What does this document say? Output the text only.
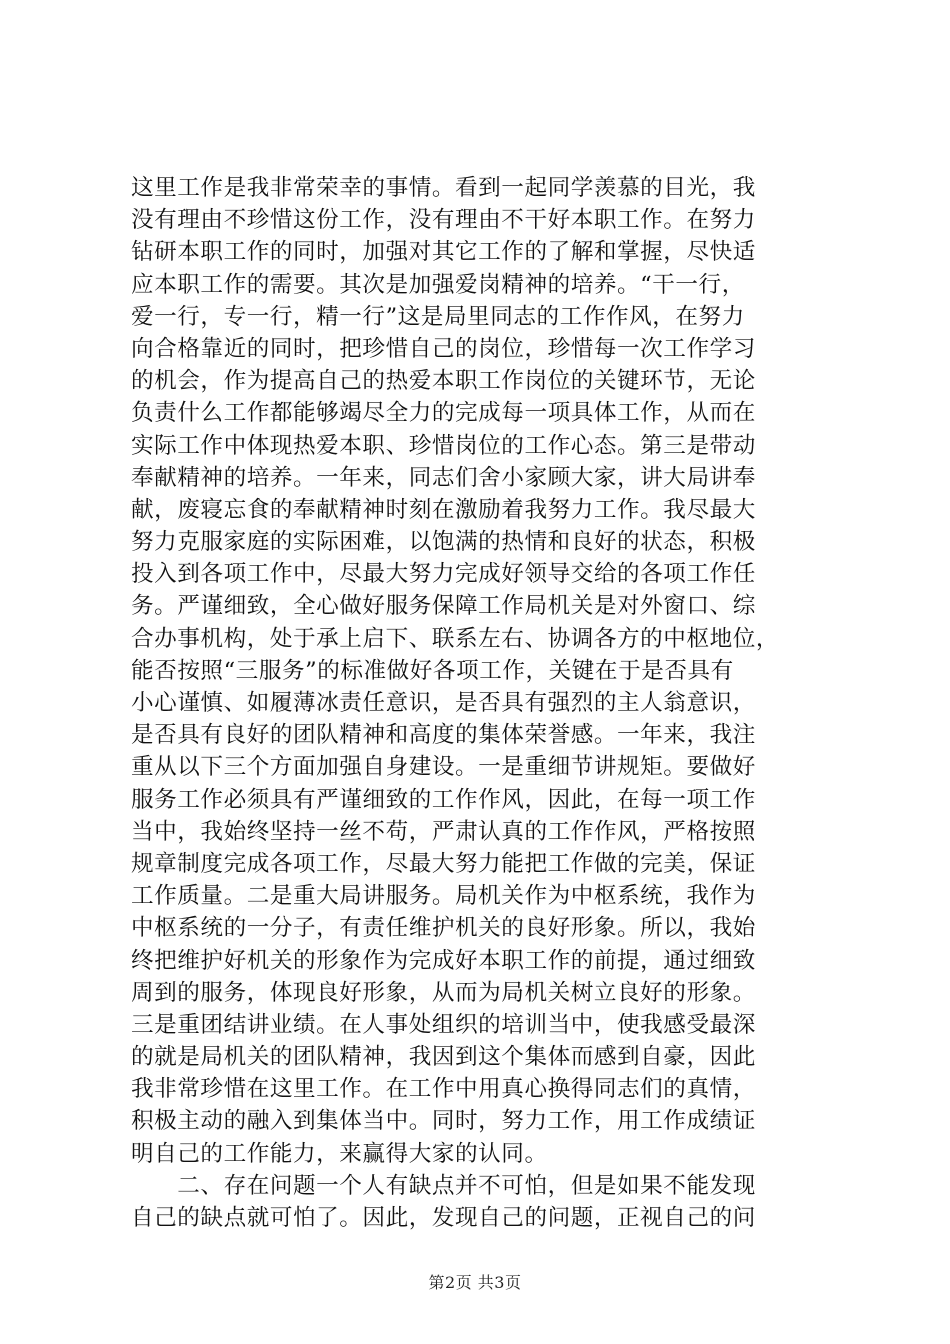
这里工作是我非常荣幸的事情。看到一起同学羡慕的目光，我
没有理由不珍惜这份工作，没有理由不干好本职工作。在努力
钻研本职工作的同时，加强对其它工作的了解和掌握，尽快适
应本职工作的需要。其次是加强爱岗精神的培养。“干一行，
爱一行，专一行，精一行”这是局里同志的工作作风，在努力
向合格靠近的同时，把珍惜自己的岗位，珍惜每一次工作学习
的机会，作为提高自己的热爱本职工作岗位的关键环节，无论
负责什么工作都能够竭尽全力的完成每一项具体工作，从而在
实际工作中体现热爱本职、珍惜岗位的工作心态。第三是带动
奉献精神的培养。一年来，同志们舍小家顾大家，讲大局讲奉
献，废寝忘食的奉献精神时刻在激励着我努力工作。我尽最大
努力克服家庭的实际困难，以饱满的热情和良好的状态，积极
投入到各项工作中，尽最大努力完成好领导交给的各项工作任
务。严谨细致，全心做好服务保障工作局机关是对外窗口、综
合办事机构，处于承上启下、联系左右、协调各方的中枢地位，
能否按照“三服务”的标准做好各项工作，关键在于是否具有
小心谨慎、如履薄冰责任意识，是否具有强烈的主人翁意识，
是否具有良好的团队精神和高度的集体荣誉感。一年来，我注
重从以下三个方面加强自身建设。一是重细节讲规矩。要做好
服务工作必须具有严谨细致的工作作风，因此，在每一项工作
当中，我始终坚持一丝不苟，严肃认真的工作作风，严格按照
规章制度完成各项工作，尽最大努力能把工作做的完美，保证
工作质量。二是重大局讲服务。局机关作为中枢系统，我作为
中枢系统的一分子，有责任维护机关的良好形象。所以，我始
终把维护好机关的形象作为完成好本职工作的前提，通过细致
周到的服务，体现良好形象，从而为局机关树立良好的形象。
三是重团结讲业绩。在人事处组织的培训当中，使我感受最深
的就是局机关的团队精神，我因到这个集体而感到自豪，因此
我非常珍惜在这里工作。在工作中用真心换得同志们的真情，
积极主动的融入到集体当中。同时，努力工作，用工作成绩证
明自己的工作能力，来赢得大家的认同。
　　二、存在问题一个人有缺点并不可怕，但是如果不能发现
自己的缺点就可怕了。因此，发现自己的问题，正视自己的问
第2页 共3页
